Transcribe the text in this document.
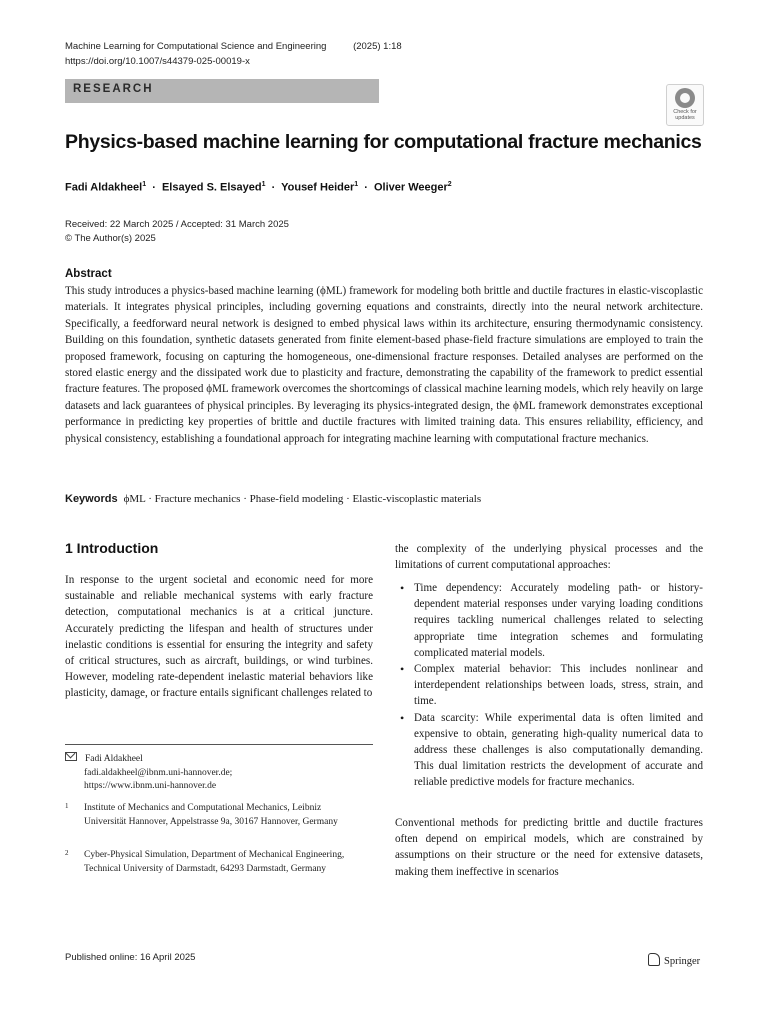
Machine Learning for Computational Science and Engineering	(2025) 1:18
https://doi.org/10.1007/s44379-025-00019-x
RESEARCH
Check for
updates
Physics-based machine learning for computational fracture mechanics
Fadi Aldakheel$^1$ · Elsayed S. Elsayed$^1$ · Yousef Heider$^1$ · Oliver Weeger$^2$
Received: 22 March 2025 / Accepted: 31 March 2025
© The Author(s) 2025
Abstract
This study introduces a physics-based machine learning (ϕML) framework for modeling both brittle and ductile fractures in elastic-viscoplastic materials. It integrates physical principles, including governing equations and constraints, directly into the neural network architecture. Specifically, a feedforward neural network is designed to embed physical laws within its architecture, ensuring thermodynamic consistency. Building on this foundation, synthetic datasets generated from finite element-based phase-field fracture simulations are employed to train the proposed framework, focusing on capturing the homogeneous, one-dimensional fracture responses. Detailed analyses are performed on the stored elastic energy and the dissipated work due to plasticity and fracture, demonstrating the capability of the framework to predict essential fracture features. The proposed ϕML framework overcomes the shortcomings of classical machine learning models, which rely heavily on large datasets and lack guarantees of physical principles. By leveraging its physics-integrated design, the ϕML framework demonstrates exceptional performance in predicting key properties of brittle and ductile fractures with limited training data. This ensures reliability, efficiency, and physical consistency, establishing a foundational approach for integrating machine learning with computational fracture mechanics.
Keywords ϕML · Fracture mechanics · Phase-field modeling · Elastic-viscoplastic materials
1 Introduction
In response to the urgent societal and economic need for more sustainable and reliable mechanical systems with early fracture detection, computational mechanics is at a critical juncture. Accurately predicting the lifespan and health of structures under inelastic conditions is essential for ensuring the integrity and safety of critical structures, such as aircraft, buildings, or wind turbines. However, modeling rate-dependent inelastic material behaviors like plasticity, damage, or fracture entails significant challenges related to
Fadi Aldakheel
fadi.aldakheel@ibnm.uni-hannover.de;
https://www.ibnm.uni-hannover.de
1 Institute of Mechanics and Computational Mechanics, Leibniz Universität Hannover, Appelstrasse 9a, 30167 Hannover, Germany
2 Cyber-Physical Simulation, Department of Mechanical Engineering, Technical University of Darmstadt, 64293 Darmstadt, Germany
the complexity of the underlying physical processes and the limitations of current computational approaches:
• Time dependency: Accurately modeling path- or history-dependent material responses under varying loading conditions requires tackling numerical challenges related to selecting appropriate time integration schemes and formulating complicated material models.
• Complex material behavior: This includes nonlinear and interdependent relationships between loads, stress, strain, and time.
• Data scarcity: While experimental data is often limited and expensive to obtain, generating high-quality numerical data to address these challenges is also computationally demanding. This dual limitation restricts the development of accurate and reliable predictive models for fracture mechanics.
Conventional methods for predicting brittle and ductile fractures often depend on empirical models, which are constrained by assumptions on their structure or the need for extensive datasets, making them ineffective in scenarios
Published online: 16 April 2025	Springer
